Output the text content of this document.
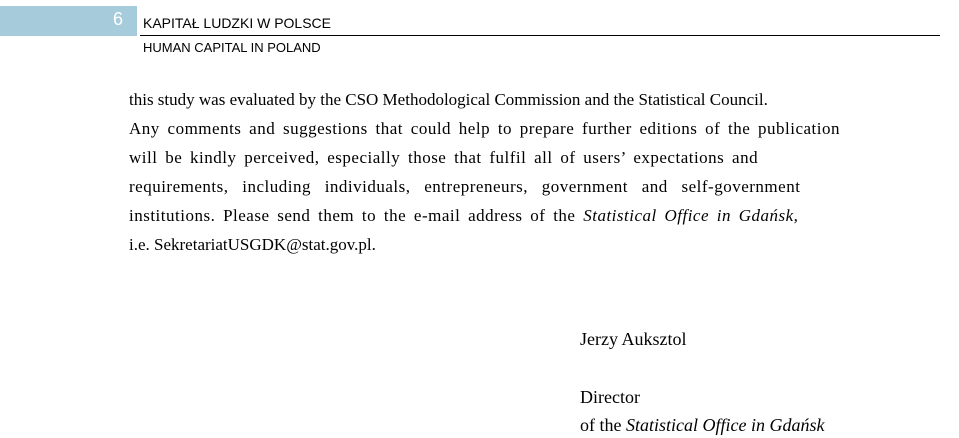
6 KAPITAŁ LUDZKI W POLSCE
HUMAN CAPITAL IN POLAND
this study was evaluated by the CSO Methodological Commission and the Statistical Council.
Any comments and suggestions that could help to prepare further editions of the publication
will be kindly perceived, especially those that fulfil all of users’ expectations and
requirements, including individuals, entrepreneurs, government and self-government
institutions. Please send them to the e-mail address of the Statistical Office in Gdańsk,
i.e. SekretariatUSGDK@stat.gov.pl.
Jerzy Auksztol
Director
of the Statistical Office in Gdańsk
